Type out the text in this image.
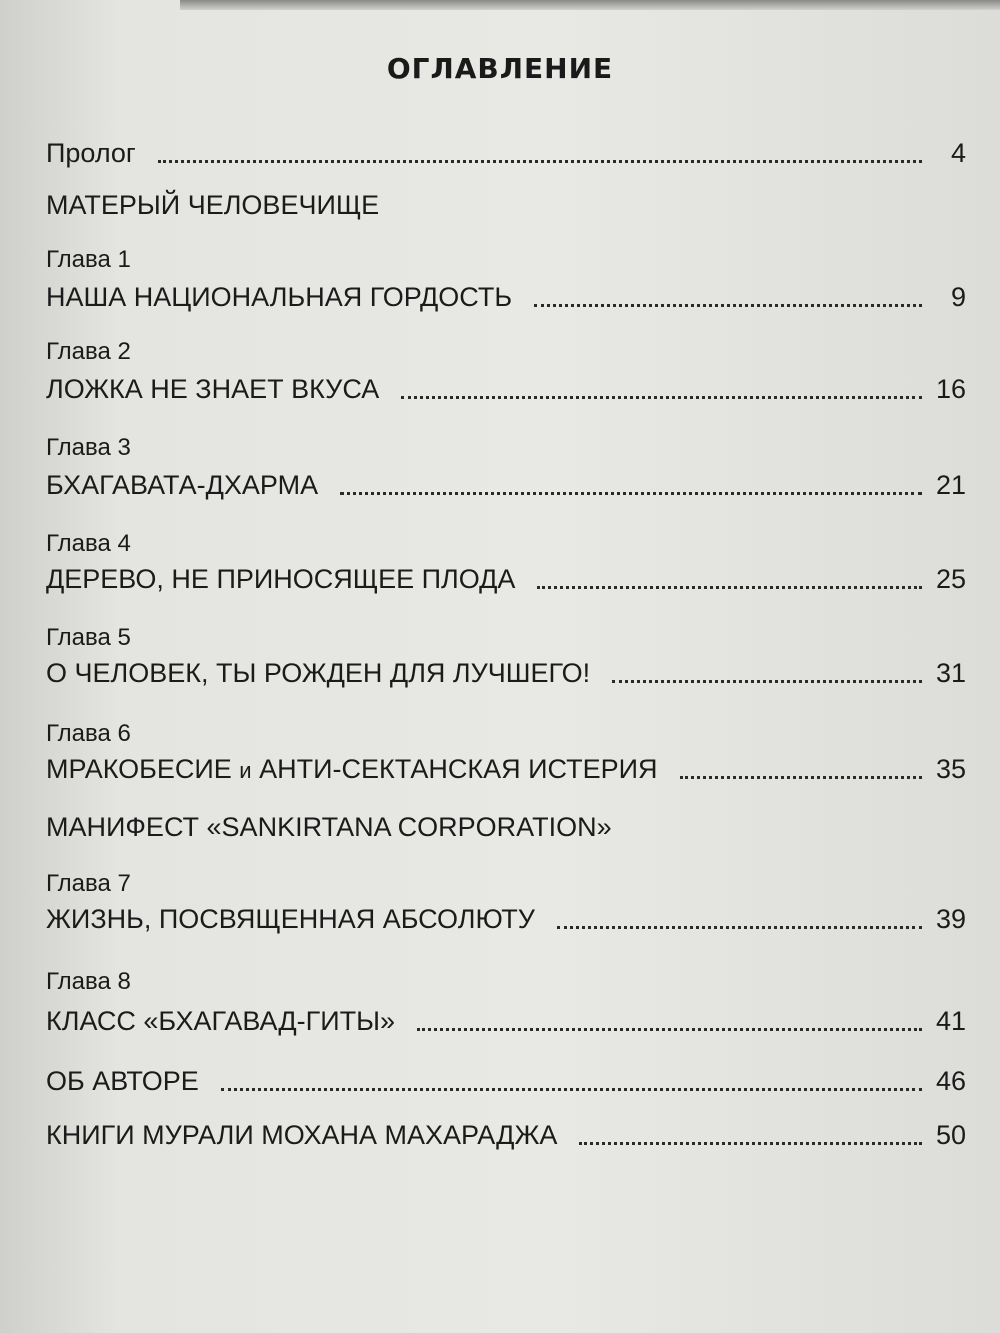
ОГЛАВЛЕНИЕ
Пролог	4
МАТЕРЫЙ ЧЕЛОВЕЧИЩЕ
Глава 1
НАША НАЦИОНАЛЬНАЯ ГОРДОСТЬ	9
Глава 2
ЛОЖКА НЕ ЗНАЕТ ВКУСА	16
Глава 3
БХАГАВАТА-ДХАРМА	21
Глава 4
ДЕРЕВО, НЕ ПРИНОСЯЩЕЕ ПЛОДА	25
Глава 5
О ЧЕЛОВЕК, ТЫ РОЖДЕН ДЛЯ ЛУЧШЕГО!	31
Глава 6
МРАКОБЕСИЕ и АНТИ-СЕКТАНСКАЯ ИСТЕРИЯ	35
МАНИФЕСТ «SANKIRTANA CORPORATION»
Глава 7
ЖИЗНЬ, ПОСВЯЩЕННАЯ АБСОЛЮТУ	39
Глава 8
КЛАСС «БХАГАВАД-ГИТЫ»	41
ОБ АВТОРЕ	46
КНИГИ МУРАЛИ МОХАНА МАХАРАДЖА	50
